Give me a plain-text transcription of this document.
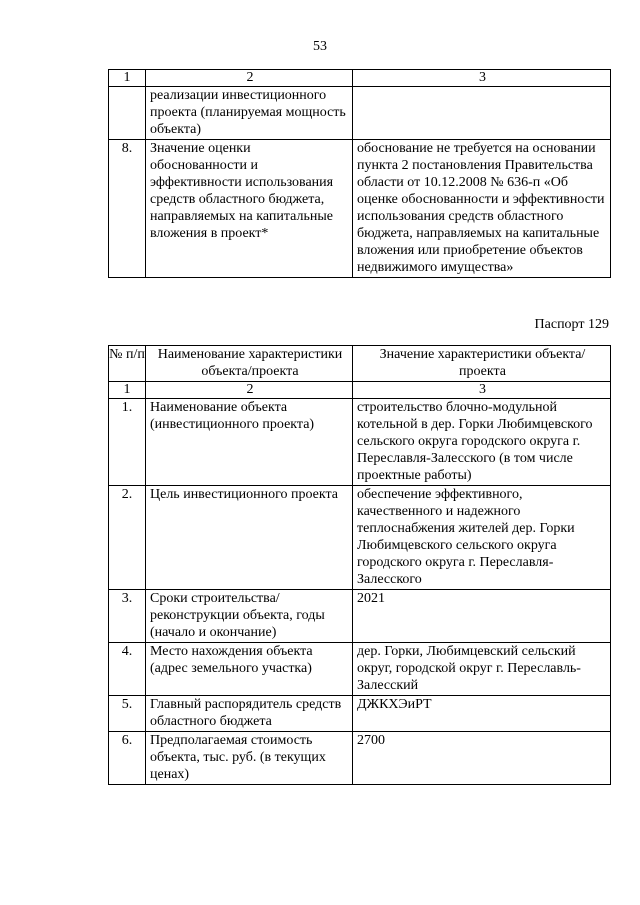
53
1	2	3
	реализации инвестиционного проекта (планируемая мощность объекта)	
8.	Значение оценки обоснованности и эффективности использования средств областного бюджета, направляемых на капитальные вложения в проект*	обоснование не требуется на основании пункта 2 постановления Правительства области от 10.12.2008 № 636-п «Об оценке обоснованности и эффективности использования средств областного бюджета, направляемых на капитальные вложения или приобретение объектов недвижимого имущества»
Паспорт 129
№ п/п	Наименование характеристики объекта/проекта	Значение характеристики объекта/проекта
1	2	3
1.	Наименование объекта (инвестиционного проекта)	строительство блочно-модульной котельной в дер. Горки Любимцевского сельского округа городского округа г. Переславля-Залесского (в том числе проектные работы)
2.	Цель инвестиционного проекта	обеспечение эффективного, качественного и надежного теплоснабжения жителей дер. Горки Любимцевского сельского округа городского округа г. Переславля-Залесского
3.	Сроки строительства/реконструкции объекта, годы (начало и окончание)	2021
4.	Место нахождения объекта (адрес земельного участка)	дер. Горки, Любимцевский сельский округ, городской округ г. Переславль-Залесский
5.	Главный распорядитель средств областного бюджета	ДЖКХЭиРТ
6.	Предполагаемая стоимость объекта, тыс. руб. (в текущих ценах)	2700
